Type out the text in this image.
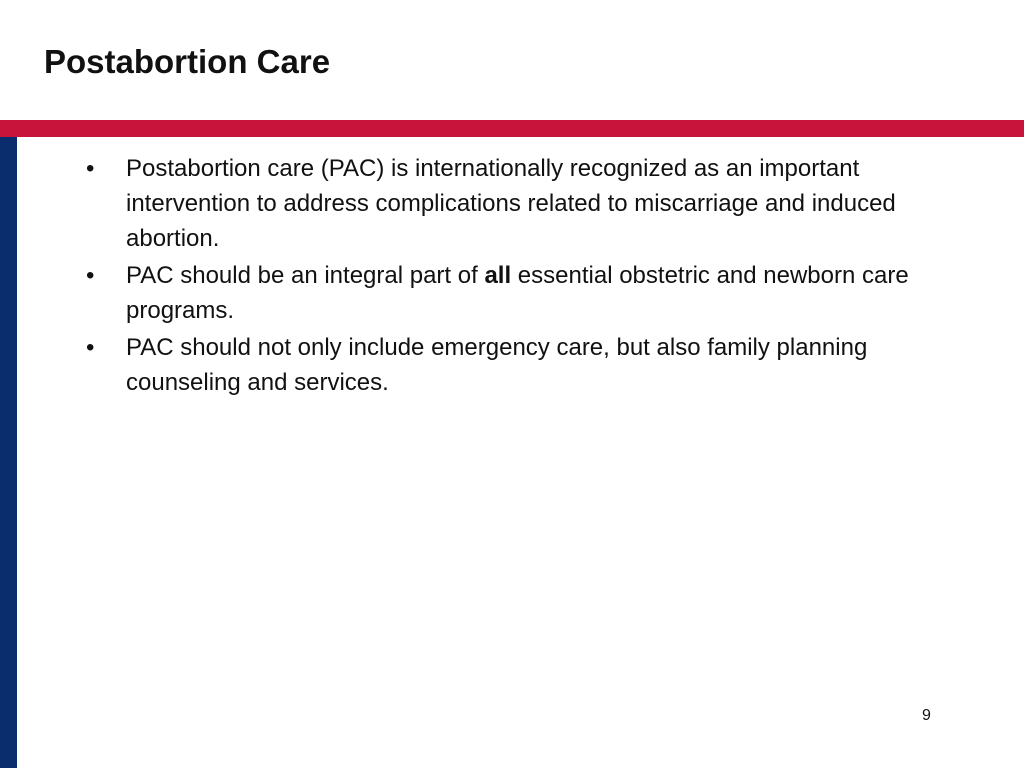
Postabortion Care
• Postabortion care (PAC) is internationally recognized as an important intervention to address complications related to miscarriage and induced abortion.
• PAC should be an integral part of all essential obstetric and newborn care programs.
• PAC should not only include emergency care, but also family planning counseling and services.
9
